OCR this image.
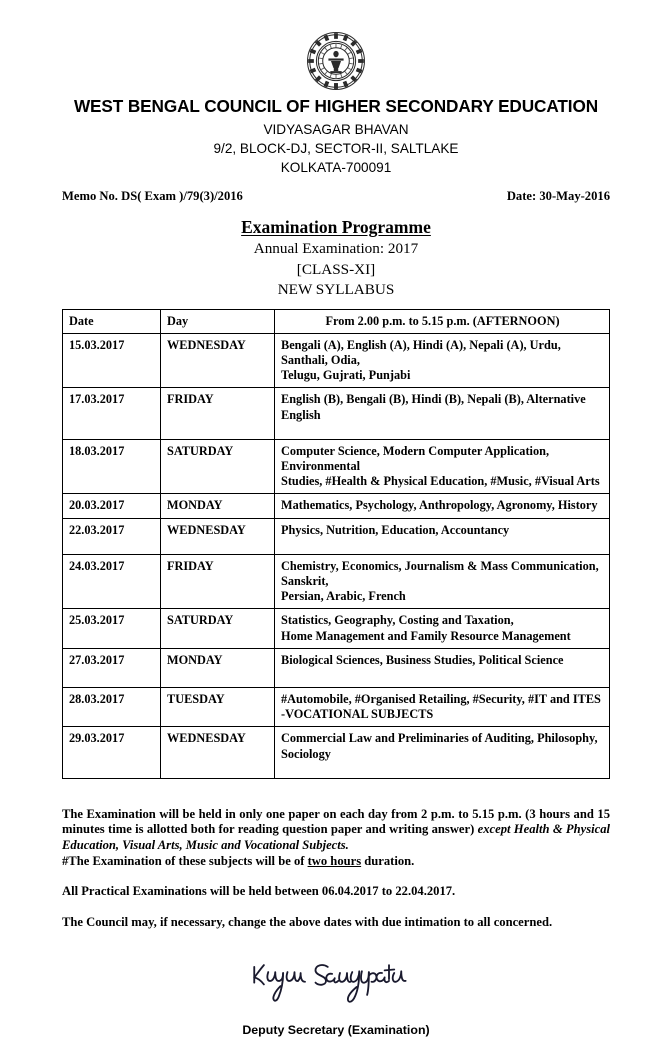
WEST BENGAL COUNCIL OF HIGHER SECONDARY EDUCATION
VIDYASAGAR BHAVAN
9/2, BLOCK-DJ, SECTOR-II, SALTLAKE
KOLKATA-700091
Memo No. DS( Exam )/79(3)/2016	Date: 30-May-2016
Examination Programme
Annual Examination: 2017
[CLASS-XI]
NEW SYLLABUS
Date	Day	From 2.00 p.m. to 5.15 p.m. (AFTERNOON)
15.03.2017	WEDNESDAY	Bengali (A), English (A), Hindi (A), Nepali (A), Urdu, Santhali, Odia,
Telugu, Gujrati, Punjabi

17.03.2017	FRIDAY	English (B), Bengali (B), Hindi (B), Nepali (B), Alternative English
18.03.2017	SATURDAY	Computer Science, Modern Computer Application, Environmental
Studies, #Health & Physical Education, #Music, #Visual Arts

20.03.2017	MONDAY	Mathematics, Psychology, Anthropology, Agronomy, History
22.03.2017	WEDNESDAY	Physics, Nutrition, Education, Accountancy
24.03.2017	FRIDAY	Chemistry, Economics, Journalism & Mass Communication, Sanskrit,
Persian, Arabic, French

25.03.2017	SATURDAY	Statistics, Geography, Costing and Taxation,
Home Management and Family Resource Management

27.03.2017	MONDAY	Biological Sciences, Business Studies, Political Science
28.03.2017	TUESDAY	#Automobile, #Organised Retailing, #Security, #IT and ITES
-VOCATIONAL SUBJECTS

29.03.2017	WEDNESDAY	Commercial Law and Preliminaries of Auditing, Philosophy, Sociology
The Examination will be held in only one paper on each day from 2 p.m. to 5.15 p.m. (3 hours and 15 minutes time is allotted both for reading question paper and writing answer) except Health & Physical Education, Visual Arts, Music and Vocational Subjects.
#The Examination of these subjects will be of two hours duration.
All Practical Examinations will be held between 06.04.2017 to 22.04.2017.
The Council may, if necessary, change the above dates with due intimation to all concerned.
Deputy Secretary (Examination)
